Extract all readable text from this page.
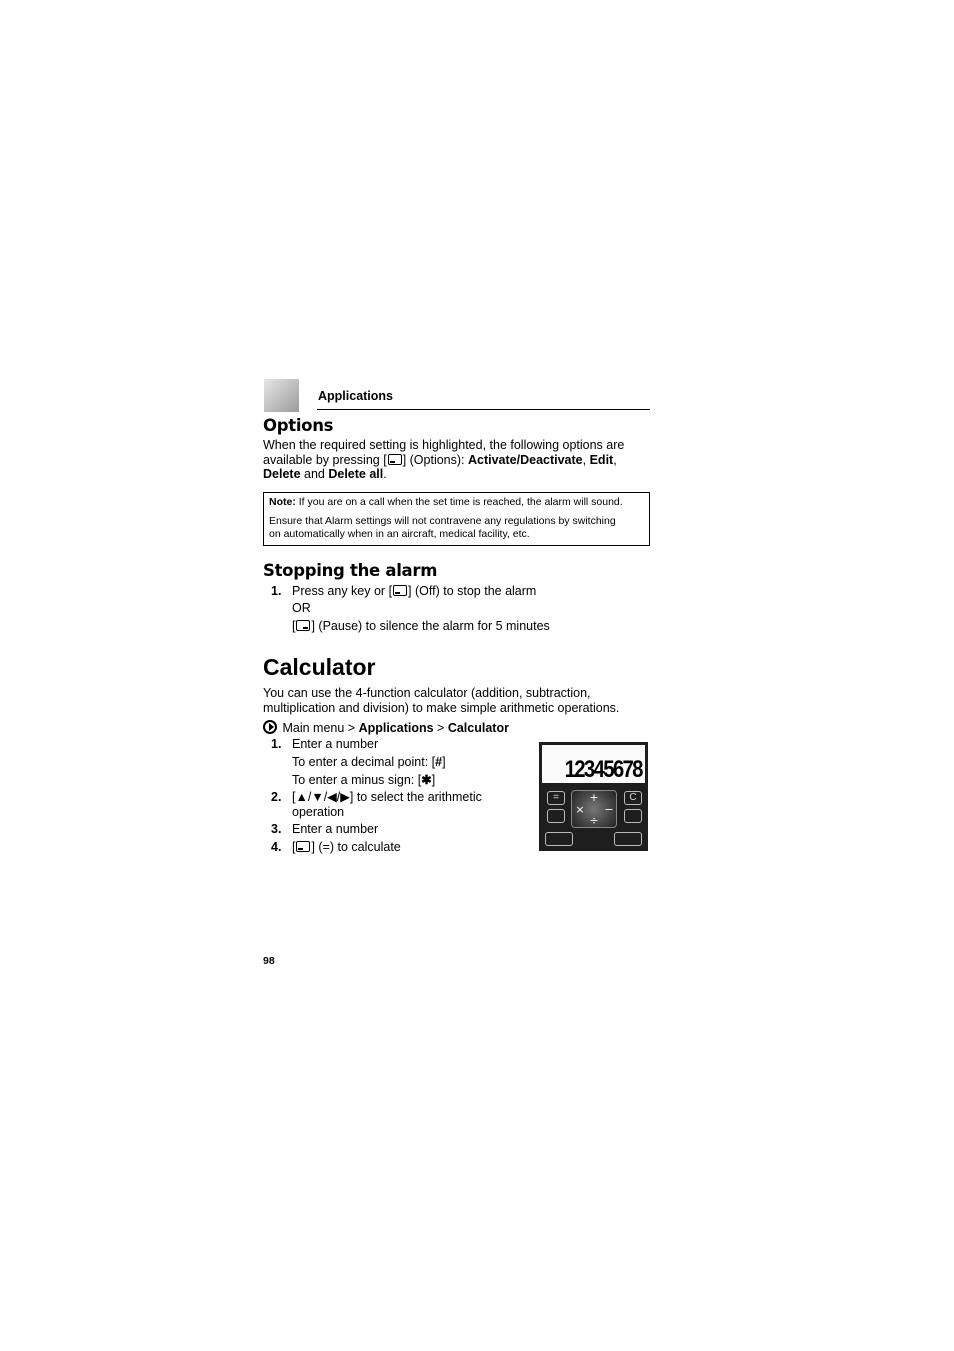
Applications
Options
When the required setting is highlighted, the following options are
available by pressing [ ] (Options): Activate/Deactivate, Edit,
Delete and Delete all.
Note: If you are on a call when the set time is reached, the alarm will sound.
Ensure that Alarm settings will not contravene any regulations by switching
on automatically when in an aircraft, medical facility, etc.
Stopping the alarm
1. Press any key or [ ] (Off) to stop the alarm
OR
[ ] (Pause) to silence the alarm for 5 minutes
Calculator
You can use the 4-function calculator (addition, subtraction,
multiplication and division) to make simple arithmetic operations.
Main menu > Applications > Calculator
1. Enter a number
To enter a decimal point: [#]
To enter a minus sign: [✱]
2. [▲/▼/◀/▶] to select the arithmetic
operation
3. Enter a number
4. [ ] (=) to calculate
12345678
=	C
+
× −
÷
98
